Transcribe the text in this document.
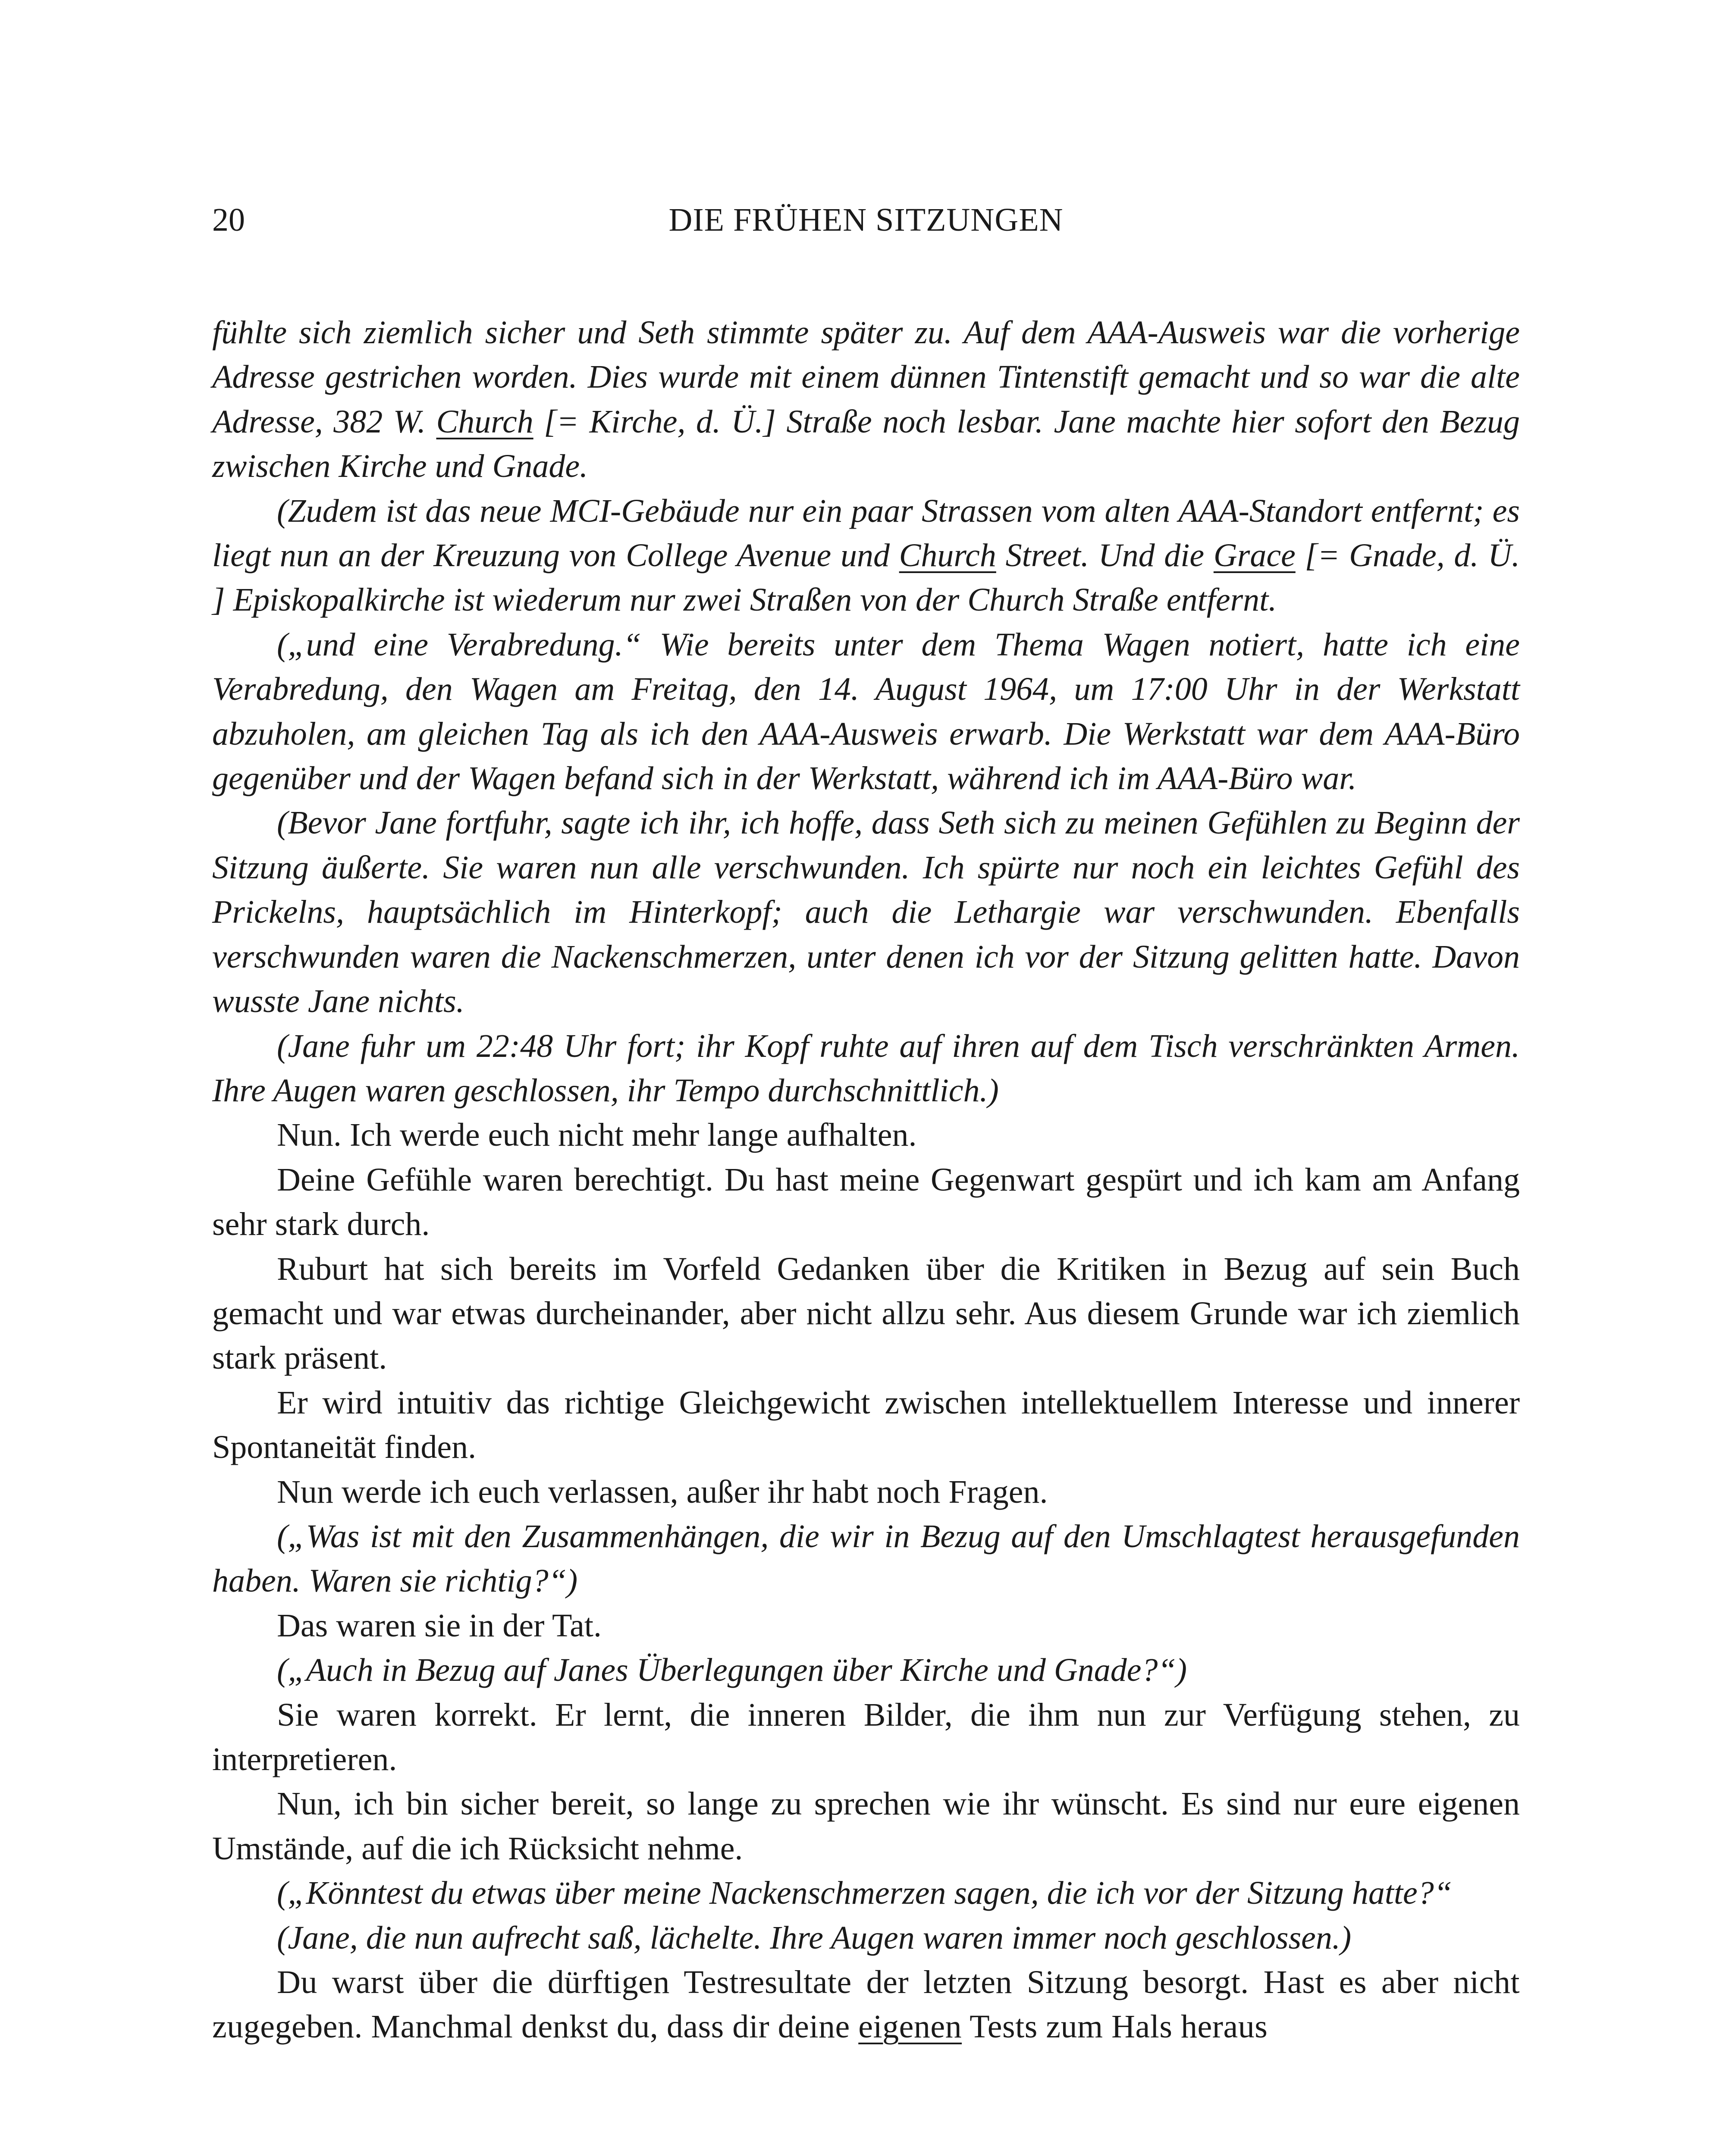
20	DIE FRÜHEN SITZUNGEN

fühlte sich ziemlich sicher und Seth stimmte später zu. Auf dem AAA-Ausweis war die vorherige Adresse gestrichen worden. Dies wurde mit einem dünnen Tintenstift gemacht und so war die alte Adresse, 382 W. Church [= Kirche, d. Ü.] Straße noch lesbar. Jane machte hier sofort den Bezug zwischen Kirche und Gnade.

(Zudem ist das neue MCI-Gebäude nur ein paar Strassen vom alten AAA-Standort entfernt; es liegt nun an der Kreuzung von College Avenue und Church Street. Und die Grace [= Gnade, d. Ü. ] Episkopalkirche ist wiederum nur zwei Straßen von der Church Straße entfernt.

(„und eine Verabredung.“ Wie bereits unter dem Thema Wagen notiert, hatte ich eine Verabredung, den Wagen am Freitag, den 14. August 1964, um 17:00 Uhr in der Werkstatt abzuholen, am gleichen Tag als ich den AAA-Ausweis erwarb. Die Werkstatt war dem AAA-Büro gegenüber und der Wagen befand sich in der Werkstatt, während ich im AAA-Büro war.

(Bevor Jane fortfuhr, sagte ich ihr, ich hoffe, dass Seth sich zu meinen Gefühlen zu Beginn der Sitzung äußerte. Sie waren nun alle verschwunden. Ich spürte nur noch ein leichtes Gefühl des Prickelns, hauptsächlich im Hinterkopf; auch die Lethargie war verschwunden. Ebenfalls verschwunden waren die Nackenschmerzen, unter denen ich vor der Sitzung gelitten hatte. Davon wusste Jane nichts.

(Jane fuhr um 22:48 Uhr fort; ihr Kopf ruhte auf ihren auf dem Tisch verschränkten Armen. Ihre Augen waren geschlossen, ihr Tempo durchschnittlich.)

Nun. Ich werde euch nicht mehr lange aufhalten.

Deine Gefühle waren berechtigt. Du hast meine Gegenwart gespürt und ich kam am Anfang sehr stark durch.

Ruburt hat sich bereits im Vorfeld Gedanken über die Kritiken in Bezug auf sein Buch gemacht und war etwas durcheinander, aber nicht allzu sehr. Aus diesem Grunde war ich ziemlich stark präsent.

Er wird intuitiv das richtige Gleichgewicht zwischen intellektuellem Interesse und innerer Spontaneität finden.

Nun werde ich euch verlassen, außer ihr habt noch Fragen.

(„Was ist mit den Zusammenhängen, die wir in Bezug auf den Umschlagtest herausgefunden haben. Waren sie richtig?“)

Das waren sie in der Tat.

(„Auch in Bezug auf Janes Überlegungen über Kirche und Gnade?“)

Sie waren korrekt. Er lernt, die inneren Bilder, die ihm nun zur Verfügung stehen, zu interpretieren.

Nun, ich bin sicher bereit, so lange zu sprechen wie ihr wünscht. Es sind nur eure eigenen Umstände, auf die ich Rücksicht nehme.

(„Könntest du etwas über meine Nackenschmerzen sagen, die ich vor der Sitzung hatte?“

(Jane, die nun aufrecht saß, lächelte. Ihre Augen waren immer noch geschlossen.)

Du warst über die dürftigen Testresultate der letzten Sitzung besorgt. Hast es aber nicht zugegeben. Manchmal denkst du, dass dir deine eigenen Tests zum Hals heraus
